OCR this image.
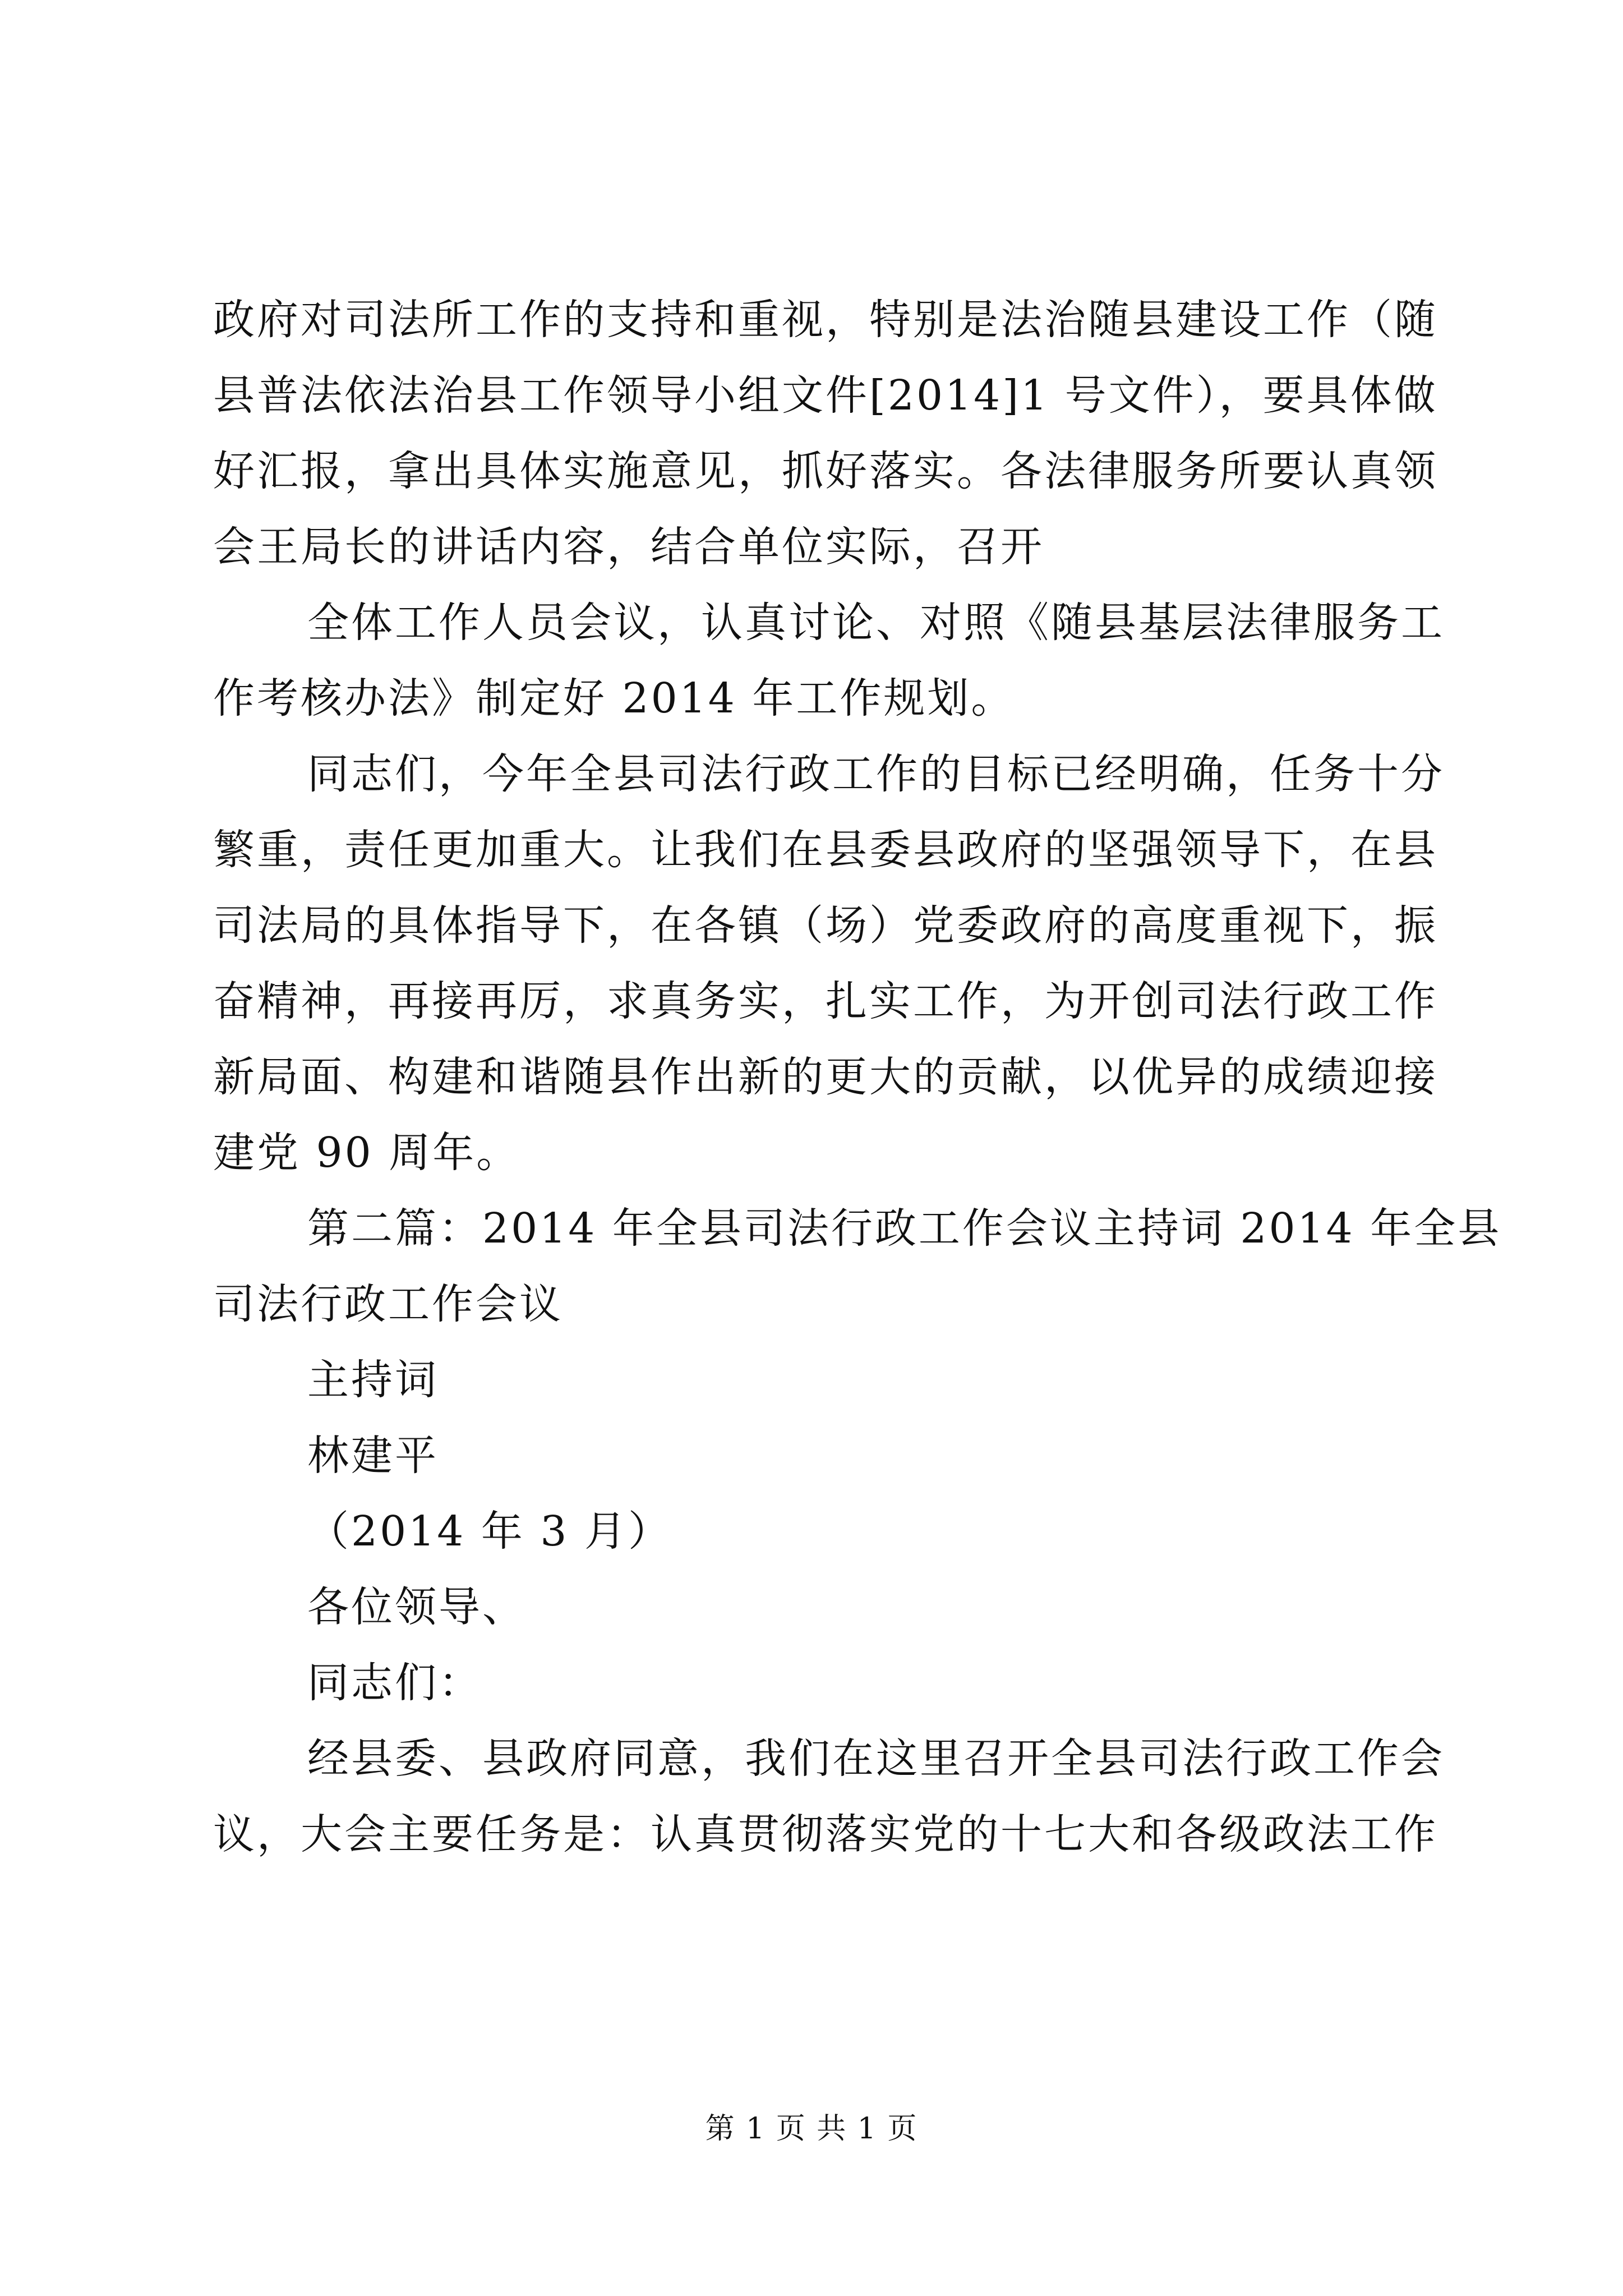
政府对司法所工作的支持和重视，特别是法治随县建设工作（随
县普法依法治县工作领导小组文件[2014]1 号文件），要具体做
好汇报，拿出具体实施意见，抓好落实。各法律服务所要认真领
会王局长的讲话内容，结合单位实际，召开
全体工作人员会议，认真讨论、对照《随县基层法律服务工
作考核办法》制定好 2014 年工作规划。
同志们，今年全县司法行政工作的目标已经明确，任务十分
繁重，责任更加重大。让我们在县委县政府的坚强领导下，在县
司法局的具体指导下，在各镇（场）党委政府的高度重视下，振
奋精神，再接再厉，求真务实，扎实工作，为开创司法行政工作
新局面、构建和谐随县作出新的更大的贡献，以优异的成绩迎接
建党 90 周年。
第二篇：2014 年全县司法行政工作会议主持词 2014 年全县
司法行政工作会议
主持词
林建平
（2014 年 3 月）
各位领导、
同志们：
经县委、县政府同意，我们在这里召开全县司法行政工作会
议，大会主要任务是：认真贯彻落实党的十七大和各级政法工作
第 1 页 共 1 页
